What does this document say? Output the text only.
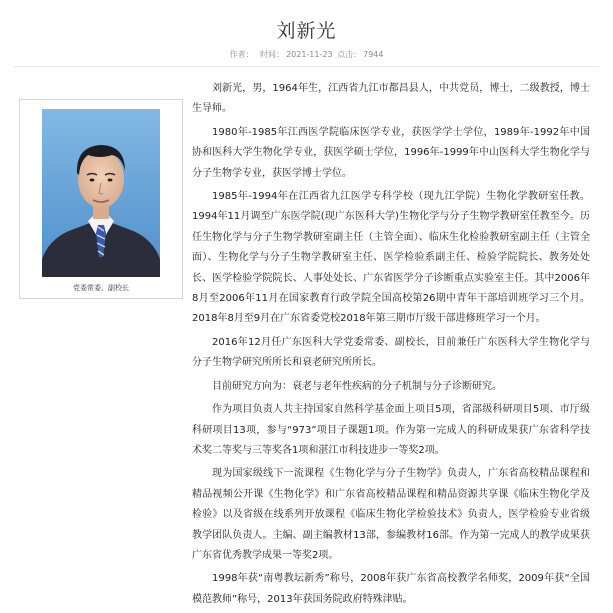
刘新光
作者： 时间： 2021-11-23 点击： 7944
党委常委、副校长

刘新光，男，1964年生，江西省九江市都昌县人，中共党员，博士，二级教授，博士生导师。

1980年-1985年江西医学院临床医学专业，获医学学士学位，1989年-1992年中国协和医科大学生物化学专业，获医学硕士学位，1996年-1999年中山医科大学生物化学与分子生物学专业，获医学博士学位。

1985年-1994年在江西省九江医学专科学校（现九江学院）生物化学教研室任教。1994年11月调至广东医学院(现广东医科大学)生物化学与分子生物学教研室任教至今。历任生物化学与分子生物学教研室副主任（主管全面）、临床生化检验教研室副主任（主管全面）、生物化学与分子生物学教研室主任、医学检验系副主任、检验学院院长、教务处处长、医学检验学院院长、人事处处长、广东省医学分子诊断重点实验室主任。其中2006年8月至2006年11月在国家教育行政学院全国高校第26期中青年干部培训班学习三个月。2018年8月至9月在广东省委党校2018年第三期市厅级干部进修班学习一个月。

2016年12月任广东医科大学党委常委、副校长，目前兼任广东医科大学生物化学与分子生物学研究所所长和衰老研究所所长。

目前研究方向为：衰老与老年性疾病的分子机制与分子诊断研究。

作为项目负责人共主持国家自然科学基金面上项目5项，省部级科研项目5项、市厅级科研项目13项，参与“973”项目子课题1项。作为第一完成人的科研成果获广东省科学技术奖二等奖与三等奖各1项和湛江市科技进步一等奖2项。

现为国家级线下一流课程《生物化学与分子生物学》负责人，广东省高校精品课程和精品视频公开课《生物化学》和广东省高校精品课程和精品资源共享课《临床生物化学及检验》以及省级在线系列开放课程《临床生物化学检验技术》负责人，医学检验专业省级教学团队负责人。主编、副主编教材13部，参编教材16部。作为第一完成人的教学成果获广东省优秀教学成果一等奖2项。

1998年获“南粤教坛新秀”称号，2008年获广东省高校教学名师奖，2009年获“全国模范教师”称号，2013年获国务院政府特殊津贴。
